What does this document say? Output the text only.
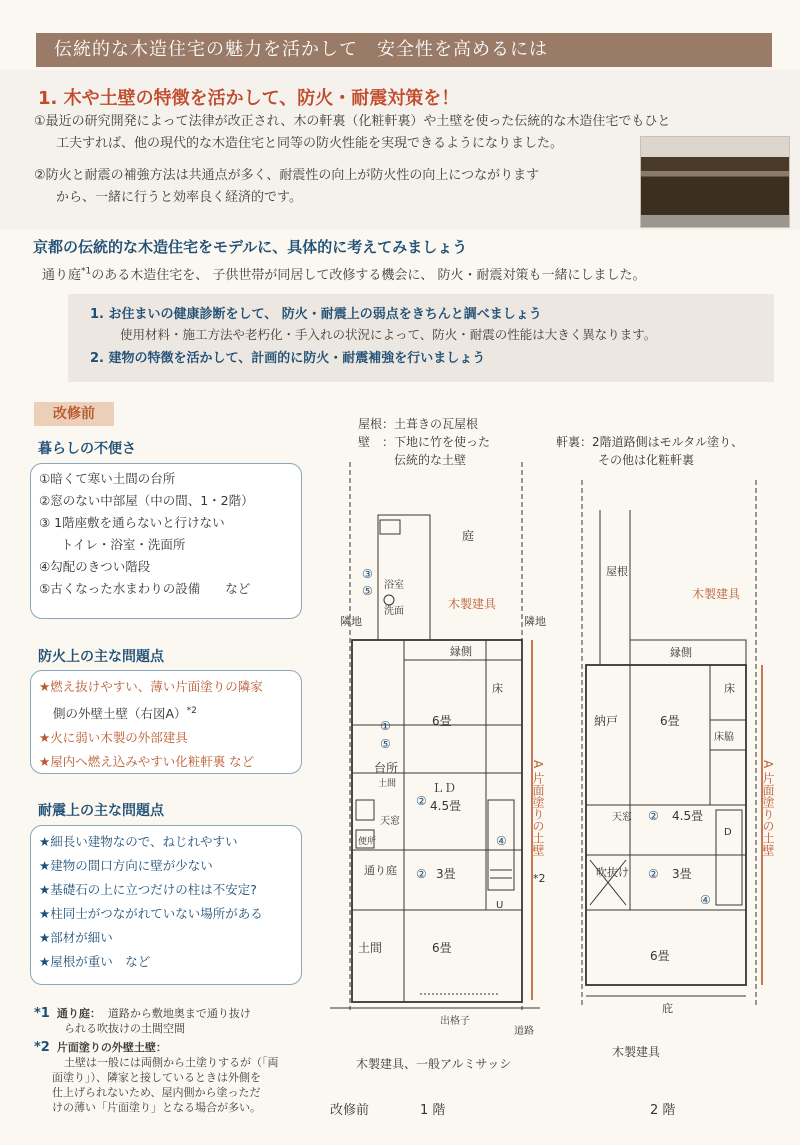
伝統的な木造住宅の魅力を活かして　安全性を高めるには
1. 木や土壁の特徴を活かして、防火・耐震対策を！
①最近の研究開発によって法律が改正され、木の軒裏（化粧軒裏）や土壁を使った伝統的な木造住宅でもひと
工夫すれば、他の現代的な木造住宅と同等の防火性能を実現できるようになりました。
②防火と耐震の補強方法は共通点が多く、耐震性の向上が防火性の向上につながります
から、一緒に行うと効率良く経済的です。
京都の伝統的な木造住宅をモデルに、具体的に考えてみましょう
通り庭$^{*1}$のある木造住宅を、 子供世帯が同居して改修する機会に、 防火・耐震対策も一緒にしました。
1. お住まいの健康診断をして、 防火・耐震上の弱点をきちんと調べましょう
使用材料・施工方法や老朽化・手入れの状況によって、防火・耐震の性能は大きく異なります。
2. 建物の特徴を活かして、計画的に防火・耐震補強を行いましょう
改修前
暮らしの不便さ
①暗くて寒い土間の台所
②窓のない中部屋（中の間、1・2階）
③ 1階座敷を通らないと行けない
トイレ・浴室・洗面所
④勾配のきつい階段
⑤古くなった水まわりの設備　　など
防火上の主な問題点
★燃え抜けやすい、薄い片面塗りの隣家
側の外壁土壁（右図A）$^{*2}$
★火に弱い木製の外部建具
★屋内へ燃え込みやすい化粧軒裏 など
耐震上の主な問題点
★細長い建物なので、ねじれやすい
★建物の間口方向に壁が少ない
★基礎石の上に立つだけの柱は不安定?
★柱同士がつながれていない場所がある
★部材が細い
★屋根が重い　など
*1 通り庭： 道路から敷地奥まで通り抜け
られる吹抜けの土間空間
*2 片面塗りの外壁土壁：
土壁は一般には両側から土塗りするが（「両
面塗り」）、隣家と接しているときは外側を
仕上げられないため、屋内側から塗っただ
けの薄い「片面塗り」となる場合が多い。
屋根：土葺きの瓦屋根
壁　：下地に竹を使った
伝統的な土壁
庭
浴室
洗面
隣地	隣地
木製建具
縁側
床
6畳
台所
土間	ＬＤ
4.5畳
天窓
便所
通り庭	3畳
土間	6畳
出格子
道路
③
⑤
①
⑤
②
②
④
U
*2
木製建具、一般アルミサッシ
A 片面塗りの土壁	A 片面塗りの土壁
軒裏：2階道路側はモルタル塗り、
その他は化粧軒裏
屋根
木製建具
縁側
床
納戸	6畳
床脇
天窓	4.5畳
吹抜け	3畳
6畳
庇
D
②
②
④
木製建具
改修前	1 階	2 階
